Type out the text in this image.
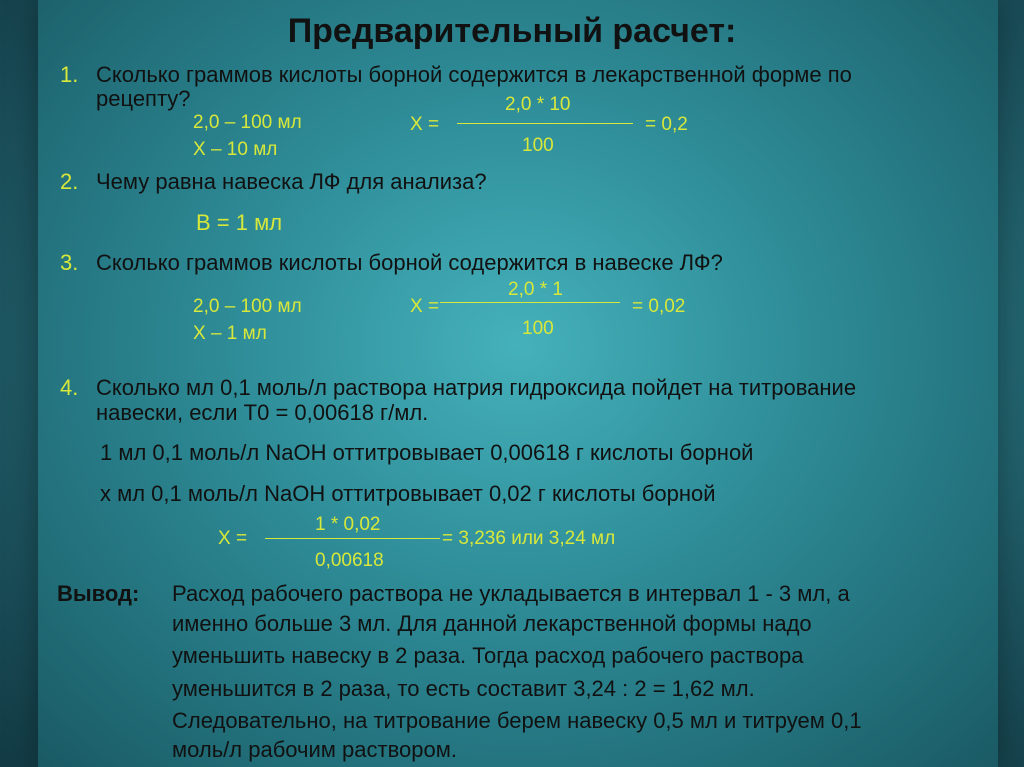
Предварительный расчет:
1. Сколько граммов кислоты борной содержится в лекарственной форме по
рецепту?
2,0 – 100 мл
X – 10 мл
X =
2,0 * 10
100
= 0,2
2. Чему равна навеска ЛФ для анализа?
В = 1 мл
3. Сколько граммов кислоты борной содержится в навеске ЛФ?
2,0 – 100 мл
X – 1 мл
X =
2,0 * 1
100
= 0,02
4. Сколько мл 0,1 моль/л раствора натрия гидроксида пойдет на титрование
навески, если Т0 = 0,00618 г/мл.
1 мл 0,1 моль/л NaOH оттитровывает 0,00618 г кислоты борной
х мл 0,1 моль/л NaOH оттитровывает 0,02 г кислоты борной
X =
1 * 0,02
0,00618
= 3,236 или 3,24 мл
Вывод: Расход рабочего раствора не укладывается в интервал 1 - 3 мл, а
именно больше 3 мл. Для данной лекарственной формы надо
уменьшить навеску в 2 раза. Тогда расход рабочего раствора
уменьшится в 2 раза, то есть составит 3,24 : 2 = 1,62 мл.
Следовательно, на титрование берем навеску 0,5 мл и титруем 0,1
моль/л рабочим раствором.
